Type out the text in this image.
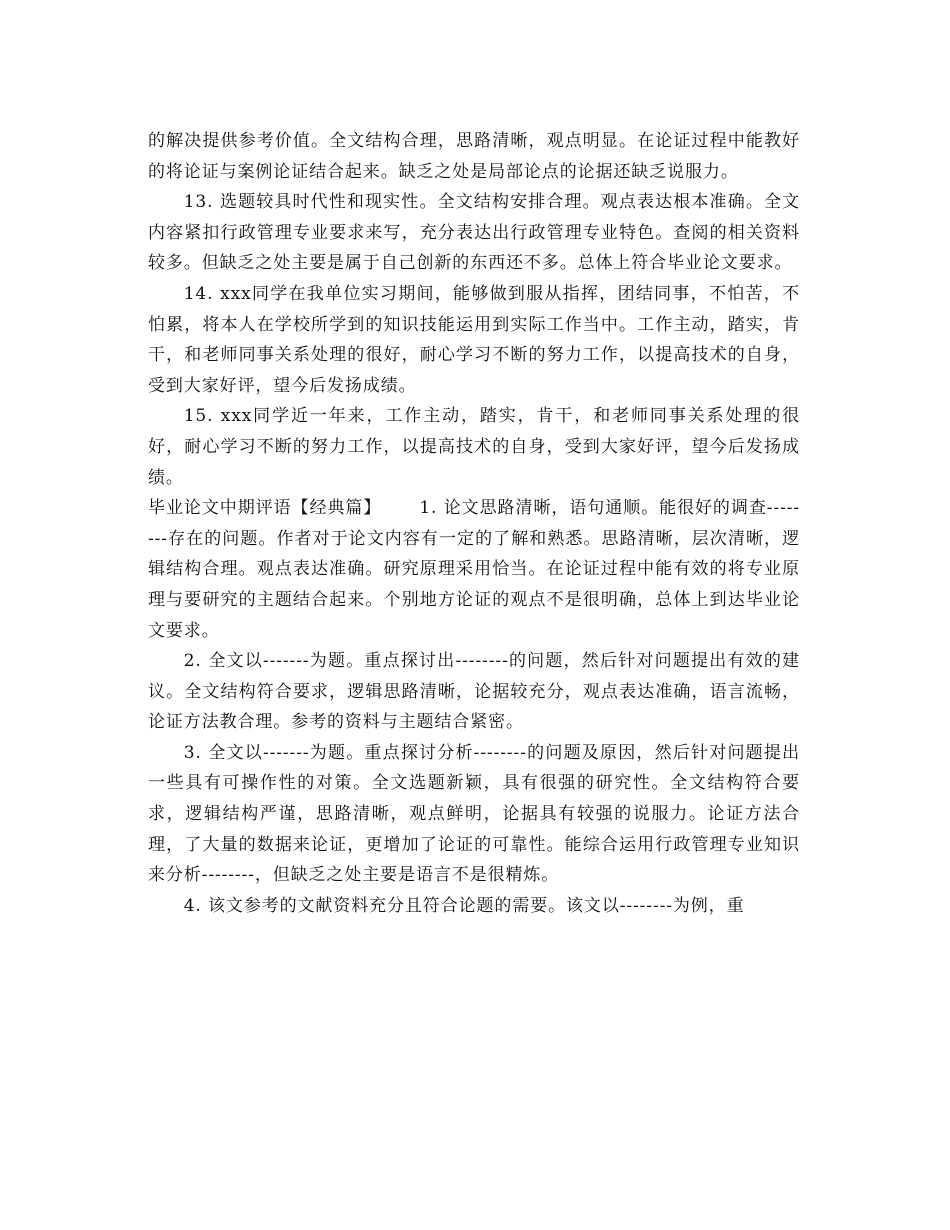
的解决提供参考价值。全文结构合理，思路清晰，观点明显。在论证过程中能教好的将论证与案例论证结合起来。缺乏之处是局部论点的论据还缺乏说服力。

13. 选题较具时代性和现实性。全文结构安排合理。观点表达根本准确。全文内容紧扣行政管理专业要求来写，充分表达出行政管理专业特色。查阅的相关资料较多。但缺乏之处主要是属于自己创新的东西还不多。总体上符合毕业论文要求。

14. xxx同学在我单位实习期间，能够做到服从指挥，团结同事，不怕苦，不怕累，将本人在学校所学到的知识技能运用到实际工作当中。工作主动，踏实，肯干，和老师同事关系处理的很好，耐心学习不断的努力工作，以提高技术的自身，受到大家好评，望今后发扬成绩。

15. xxx同学近一年来，工作主动，踏实，肯干，和老师同事关系处理的很好，耐心学习不断的努力工作，以提高技术的自身，受到大家好评，望今后发扬成绩。

毕业论文中期评语【经典篇】 1. 论文思路清晰，语句通顺。能很好的调查--------存在的问题。作者对于论文内容有一定的了解和熟悉。思路清晰，层次清晰，逻辑结构合理。观点表达准确。研究原理采用恰当。在论证过程中能有效的将专业原理与要研究的主题结合起来。个别地方论证的观点不是很明确，总体上到达毕业论文要求。

2. 全文以-------为题。重点探讨出--------的问题，然后针对问题提出有效的建议。全文结构符合要求，逻辑思路清晰，论据较充分，观点表达准确，语言流畅，论证方法教合理。参考的资料与主题结合紧密。

3. 全文以-------为题。重点探讨分析--------的问题及原因，然后针对问题提出一些具有可操作性的对策。全文选题新颖，具有很强的研究性。全文结构符合要求，逻辑结构严谨，思路清晰，观点鲜明，论据具有较强的说服力。论证方法合理，了大量的数据来论证，更增加了论证的可靠性。能综合运用行政管理专业知识来分析--------，但缺乏之处主要是语言不是很精炼。

4. 该文参考的文献资料充分且符合论题的需要。该文以--------为例，重
